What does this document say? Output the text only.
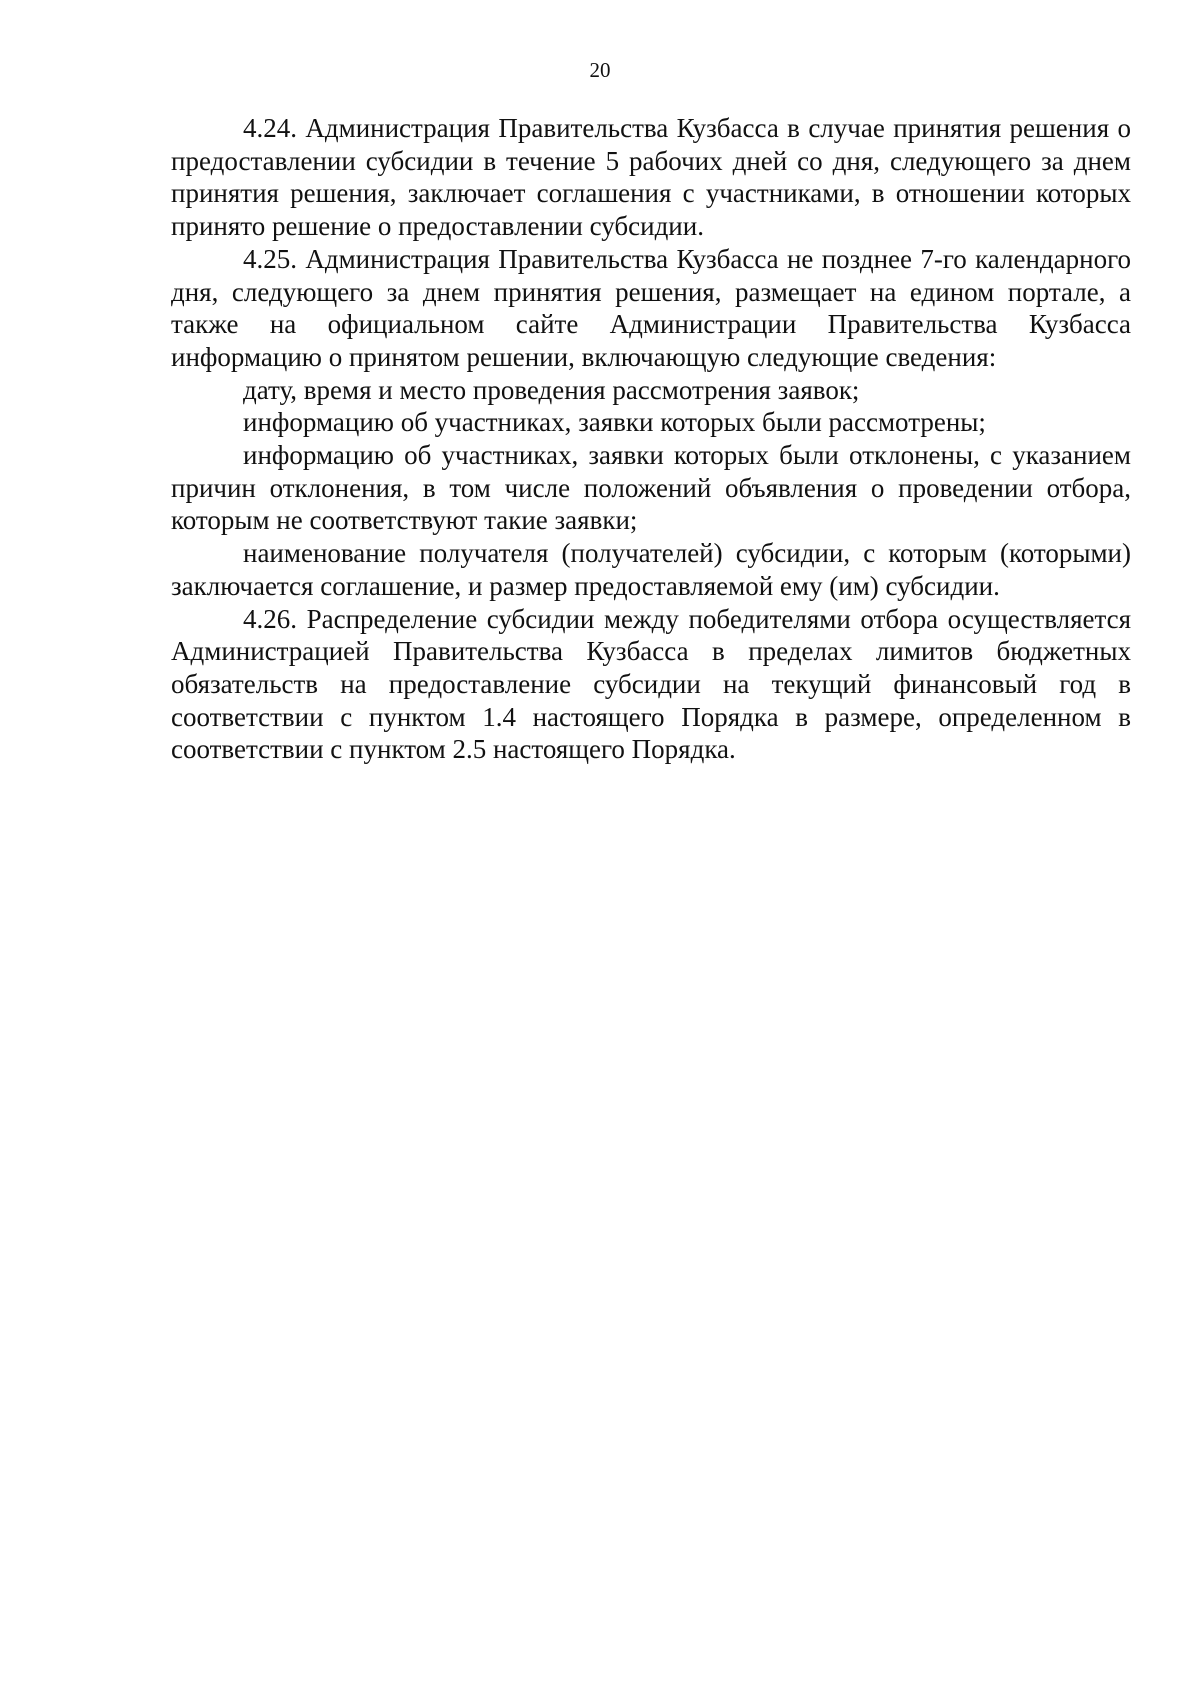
20

4.24. Администрация Правительства Кузбасса в случае принятия решения о предоставлении субсидии в течение 5 рабочих дней со дня, следующего за днем принятия решения, заключает соглашения с участниками, в отношении которых принято решение о предоставлении субсидии.

4.25. Администрация Правительства Кузбасса не позднее 7-го календарного дня, следующего за днем принятия решения, размещает на едином портале, а также на официальном сайте Администрации Правительства Кузбасса информацию о принятом решении, включающую следующие сведения:

дату, время и место проведения рассмотрения заявок;

информацию об участниках, заявки которых были рассмотрены;

информацию об участниках, заявки которых были отклонены, с указанием причин отклонения, в том числе положений объявления о проведении отбора, которым не соответствуют такие заявки;

наименование получателя (получателей) субсидии, с которым (которыми) заключается соглашение, и размер предоставляемой ему (им) субсидии.

4.26. Распределение субсидии между победителями отбора осуществляется Администрацией Правительства Кузбасса в пределах лимитов бюджетных обязательств на предоставление субсидии на текущий финансовый год в соответствии с пунктом 1.4 настоящего Порядка в размере, определенном в соответствии с пунктом 2.5 настоящего Порядка.
